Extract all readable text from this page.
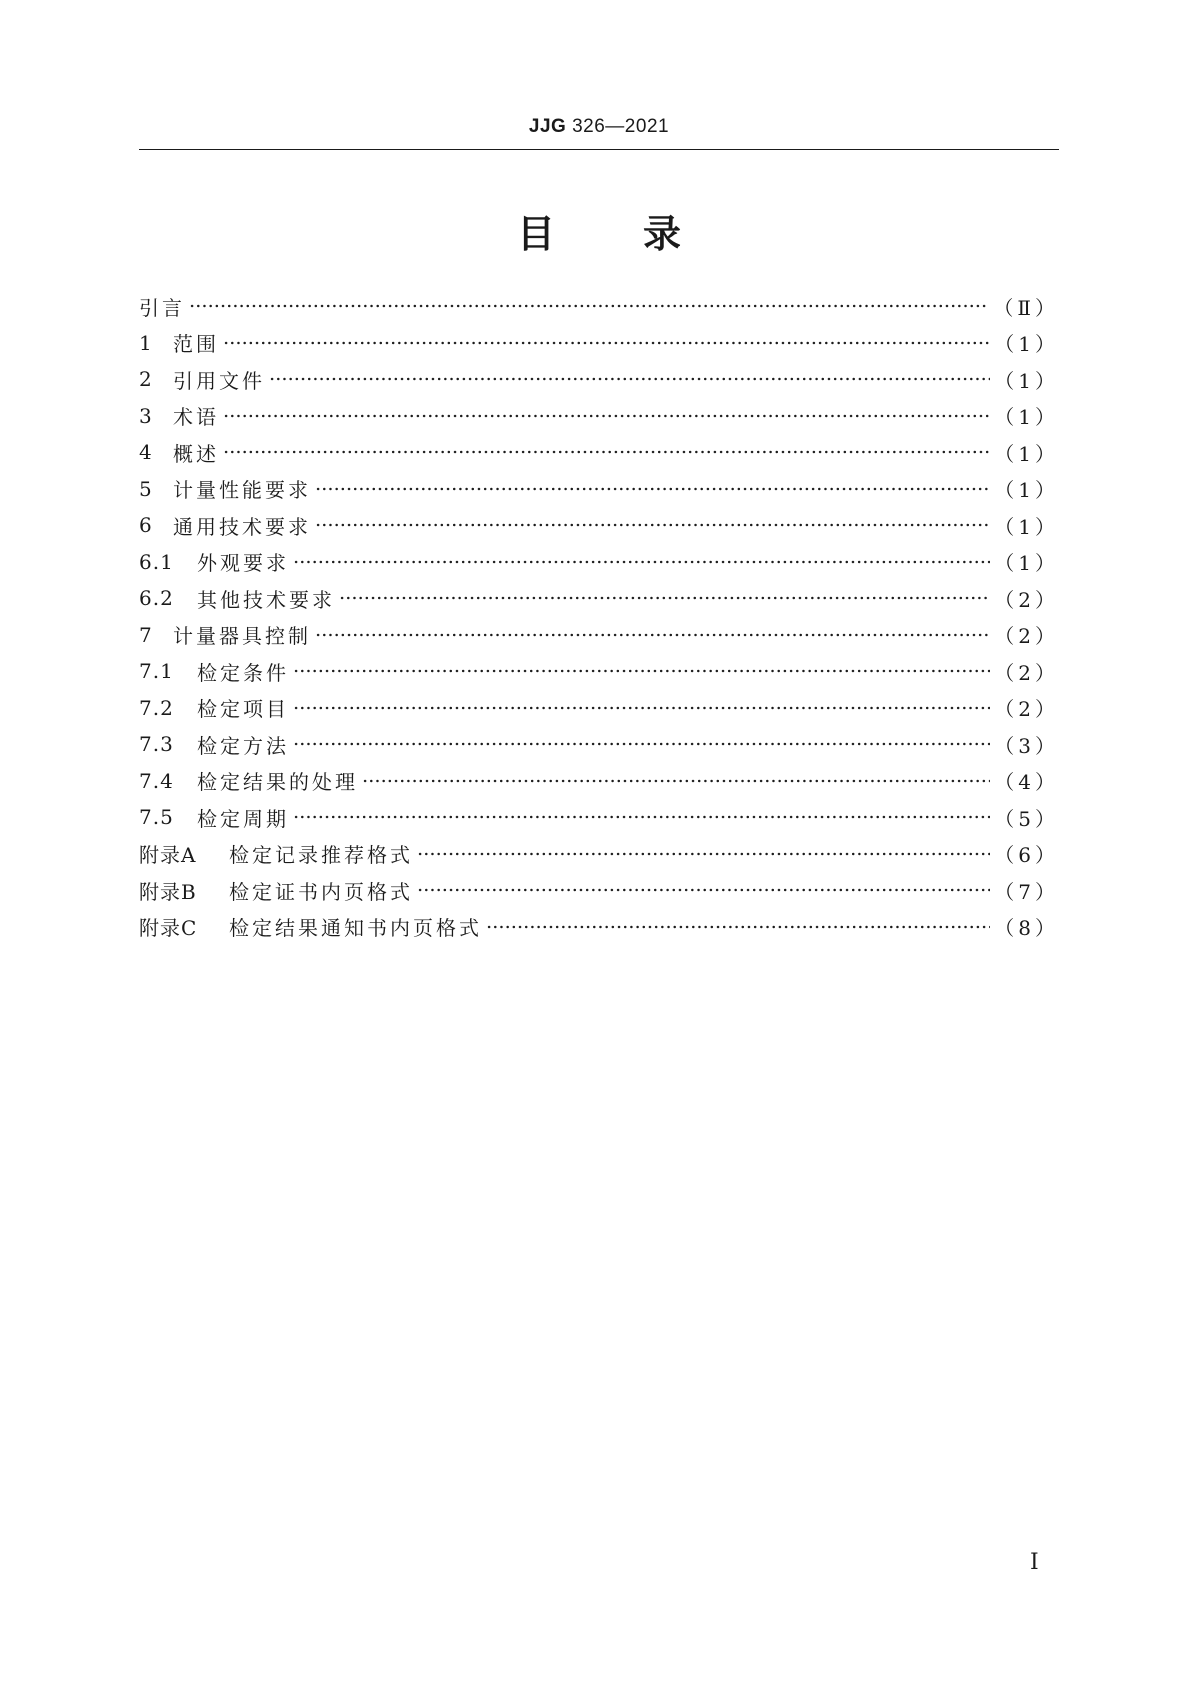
JJG 326—2021
目 录
引言	（Ⅱ）
1	范围	（1）
2	引用文件	（1）
3	术语	（1）
4	概述	（1）
5	计量性能要求	（1）
6	通用技术要求	（1）
6.1	外观要求	（1）
6.2	其他技术要求	（2）
7	计量器具控制	（2）
7.1	检定条件	（2）
7.2	检定项目	（2）
7.3	检定方法	（3）
7.4	检定结果的处理	（4）
7.5	检定周期	（5）
附录A	检定记录推荐格式	（6）
附录B	检定证书内页格式	（7）
附录C	检定结果通知书内页格式	（8）
I
